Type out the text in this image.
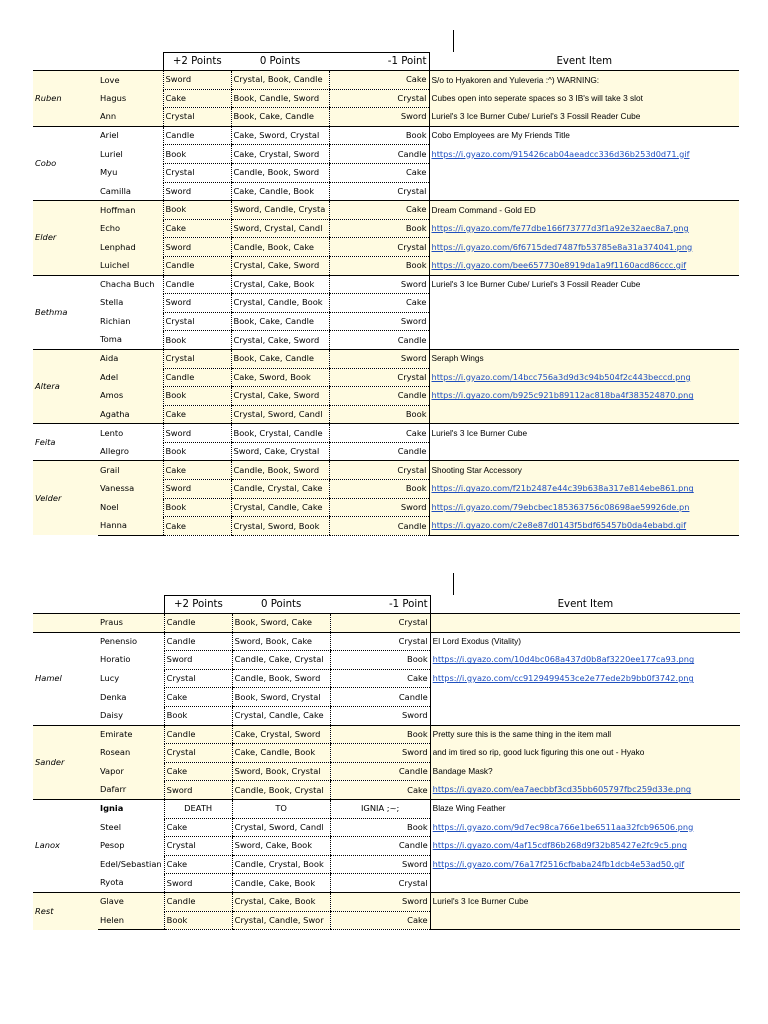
		+2 Points	0 Points	-1 Point	Event Item
Ruben	Love	Sword	Crystal, Book, Candle	Cake	S/o to Hyakoren and Yuleveria :^) WARNING:
	Hagus	Cake	Book, Candle, Sword	Crystal	Cubes open into seperate spaces so 3 IB's will take 3 slot
	Ann	Crystal	Book, Cake, Candle	Sword	Luriel's 3 Ice Burner Cube/ Luriel's 3 Fossil Reader Cube
Cobo	Ariel	Candle	Cake, Sword, Crystal	Book	Cobo Employees are My Friends Title
	Luriel	Book	Cake, Crystal, Sword	Candle	https://i.gyazo.com/915426cab04aeadcc336d36b253d0d71.gif
	Myu	Crystal	Candle, Book, Sword	Cake	
	Camilla	Sword	Cake, Candle, Book	Crystal	
Elder	Hoffman	Book	Sword, Candle, Crysta	Cake	Dream Command - Gold ED
	Echo	Cake	Sword, Crystal, Candl	Book	https://i.gyazo.com/fe77dbe166f73777d3f1a92e32aec8a7.png
	Lenphad	Sword	Candle, Book, Cake	Crystal	https://i.gyazo.com/6f6715ded7487fb53785e8a31a374041.png
	Luichel	Candle	Crystal, Cake, Sword	Book	https://i.gyazo.com/bee657730e8919da1a9f1160acd86ccc.gif
Bethma	Chacha Buch	Candle	Crystal, Cake, Book	Sword	Luriel's 3 Ice Burner Cube/ Luriel's 3 Fossil Reader Cube
	Stella	Sword	Crystal, Candle, Book	Cake	
	Richian	Crystal	Book, Cake, Candle	Sword	
	Toma	Book	Crystal, Cake, Sword	Candle	
Altera	Aida	Crystal	Book, Cake, Candle	Sword	Seraph Wings
	Adel	Candle	Cake, Sword, Book	Crystal	https://i.gyazo.com/14bcc756a3d9d3c94b504f2c443beccd.png
	Amos	Book	Crystal, Cake, Sword	Candle	https://i.gyazo.com/b925c921b89112ac818ba4f383524870.png
	Agatha	Cake	Crystal, Sword, Candl	Book	
Feita	Lento	Sword	Book, Crystal, Candle	Cake	Luriel's 3 Ice Burner Cube
	Allegro	Book	Sword, Cake, Crystal	Candle	
Velder	Grail	Cake	Candle, Book, Sword	Crystal	Shooting Star Accessory
	Vanessa	Sword	Candle, Crystal, Cake	Book	https://i.gyazo.com/f21b2487e44c39b638a317e814ebe861.png
	Noel	Book	Crystal, Candle, Cake	Sword	https://i.gyazo.com/79ebcbec185363756c08698ae59926de.pn
	Hanna	Cake	Crystal, Sword, Book	Candle	https://i.gyazo.com/c2e8e87d0143f5bdf65457b0da4ebabd.gif
		+2 Points	0 Points	-1 Point	Event Item
	Praus	Candle	Book, Sword, Cake	Crystal	
Hamel	Penensio	Candle	Sword, Book, Cake	Crystal	El Lord Exodus (Vitality)
	Horatio	Sword	Candle, Cake, Crystal	Book	https://i.gyazo.com/10d4bc068a437d0b8af3220ee177ca93.png
	Lucy	Crystal	Candle, Book, Sword	Cake	https://i.gyazo.com/cc9129499453ce2e77ede2b9bb0f3742.png
	Denka	Cake	Book, Sword, Crystal	Candle	
	Daisy	Book	Crystal, Candle, Cake	Sword	
Sander	Emirate	Candle	Cake, Crystal, Sword	Book	Pretty sure this is the same thing in the item mall
	Rosean	Crystal	Cake, Candle, Book	Sword	and im tired so rip, good luck figuring this one out - Hyako
	Vapor	Cake	Sword, Book, Crystal	Candle	Bandage Mask?
	Dafarr	Sword	Candle, Book, Crystal	Cake	https://i.gyazo.com/ea7aecbbf3cd35bb605797fbc259d33e.png
Lanox	Ignia	DEATH	TO	IGNIA ;~;	Blaze Wing Feather
	Steel	Cake	Crystal, Sword, Candl	Book	https://i.gyazo.com/9d7ec98ca766e1be6511aa32fcb96506.png
	Pesop	Crystal	Sword, Cake, Book	Candle	https://i.gyazo.com/4af15cdf86b268d9f32b85427e2fc9c5.png
	Edel/Sebastian	Cake	Candle, Crystal, Book	Sword	https://i.gyazo.com/76a17f2516cfbaba24fb1dcb4e53ad50.gif
	Ryota	Sword	Candle, Cake, Book	Crystal	
Rest	Glave	Candle	Crystal, Cake, Book	Sword	Luriel's 3 Ice Burner Cube
	Helen	Book	Crystal, Candle, Swor	Cake	
